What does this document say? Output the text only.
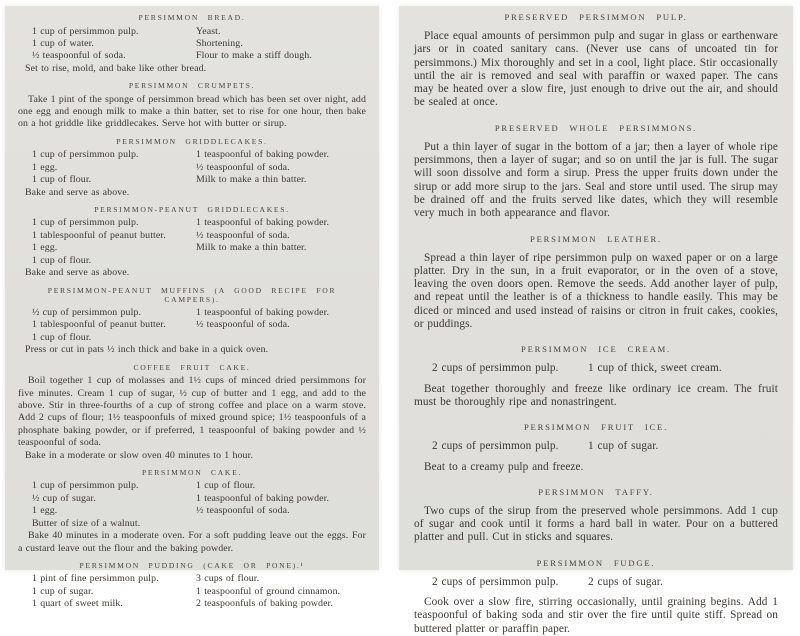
PERSIMMON BREAD.
1 cup of persimmon pulp.	Yeast.
1 cup of water.	Shortening.
½ teaspoonful of soda.	Flour to make a stiff dough.

Set to rise, mold, and bake like other bread.

PERSIMMON CRUMPETS.

Take 1 pint of the sponge of persimmon bread which has been set over night, add one egg and enough milk to make a thin batter, set to rise for one hour, then bake on a hot griddle like griddlecakes. Serve hot with butter or sirup.

PERSIMMON GRIDDLECAKES.
1 cup of persimmon pulp.	1 teaspoonful of baking powder.
1 egg.	½ teaspoonful of soda.
1 cup of flour.	Milk to make a thin batter.

Bake and serve as above.

PERSIMMON-PEANUT GRIDDLECAKES.
1 cup of persimmon pulp.	1 teaspoonful of baking powder.
1 tablespoonful of peanut butter.	½ teaspoonful of soda.
1 egg.	Milk to make a thin batter.
1 cup of flour.

Bake and serve as above.

PERSIMMON-PEANUT MUFFINS (A GOOD RECIPE FOR CAMPERS).
½ cup of persimmon pulp.	1 teaspoonful of baking powder.
1 tablespoonful of peanut butter.	½ teaspoonful of soda.
1 cup of flour.

Press or cut in pats ½ inch thick and bake in a quick oven.

COFFEE FRUIT CAKE.

Boil together 1 cup of molasses and 1½ cups of minced dried persimmons for five minutes. Cream 1 cup of sugar, ½ cup of butter and 1 egg, and add to the above. Stir in three-fourths of a cup of strong coffee and place on a warm stove. Add 2 cups of flour; 1½ teaspoonfuls of mixed ground spice; 1½ teaspoonfuls of a phosphate baking powder, or if preferred, 1 teaspoonful of baking powder and ½ teaspoonful of soda.

Bake in a moderate or slow oven 40 minutes to 1 hour.

PERSIMMON CAKE.
1 cup of persimmon pulp.	1 cup of flour.
½ cup of sugar.	1 teaspoonful of baking powder.
1 egg.	½ teaspoonful of soda.
Butter of size of a walnut.

Bake 40 minutes in a moderate oven. For a soft pudding leave out the eggs. For a custard leave out the flour and the baking powder.

PERSIMMON PUDDING (CAKE OR PONE).¹
1 pint of fine persimmon pulp.	3 cups of flour.
1 cup of sugar.	1 teaspoonful of ground cinnamon.
1 quart of sweet milk.	2 teaspoonfuls of baking powder.
PRESERVED PERSIMMON PULP.

Place equal amounts of persimmon pulp and sugar in glass or earthenware jars or in coated sanitary cans. (Never use cans of uncoated tin for persimmons.) Mix thoroughly and set in a cool, light place. Stir occasionally until the air is removed and seal with paraffin or waxed paper. The cans may be heated over a slow fire, just enough to drive out the air, and should be sealed at once.

PRESERVED WHOLE PERSIMMONS.

Put a thin layer of sugar in the bottom of a jar; then a layer of whole ripe persimmons, then a layer of sugar; and so on until the jar is full. The sugar will soon dissolve and form a sirup. Press the upper fruits down under the sirup or add more sirup to the jars. Seal and store until used. The sirup may be drained off and the fruits served like dates, which they will resemble very much in both appearance and flavor.

PERSIMMON LEATHER.

Spread a thin layer of ripe persimmon pulp on waxed paper or on a large platter. Dry in the sun, in a fruit evaporator, or in the oven of a stove, leaving the oven doors open. Remove the seeds. Add another layer of pulp, and repeat until the leather is of a thickness to handle easily. This may be diced or minced and used instead of raisins or citron in fruit cakes, cookies, or puddings.

PERSIMMON ICE CREAM.
2 cups of persimmon pulp.	1 cup of thick, sweet cream.

Beat together thoroughly and freeze like ordinary ice cream. The fruit must be thoroughly ripe and nonastringent.

PERSIMMON FRUIT ICE.
2 cups of persimmon pulp.	1 cup of sugar.

Beat to a creamy pulp and freeze.

PERSIMMON TAFFY.

Two cups of the sirup from the preserved whole persimmons. Add 1 cup of sugar and cook until it forms a hard ball in water. Pour on a buttered platter and pull. Cut in sticks and squares.

PERSIMMON FUDGE.
2 cups of persimmon pulp.	2 cups of sugar.

Cook over a slow fire, stirring occasionally, until graining begins. Add 1 teaspoonful of baking soda and stir over the fire until quite stiff. Spread on buttered platter or paraffin paper.
